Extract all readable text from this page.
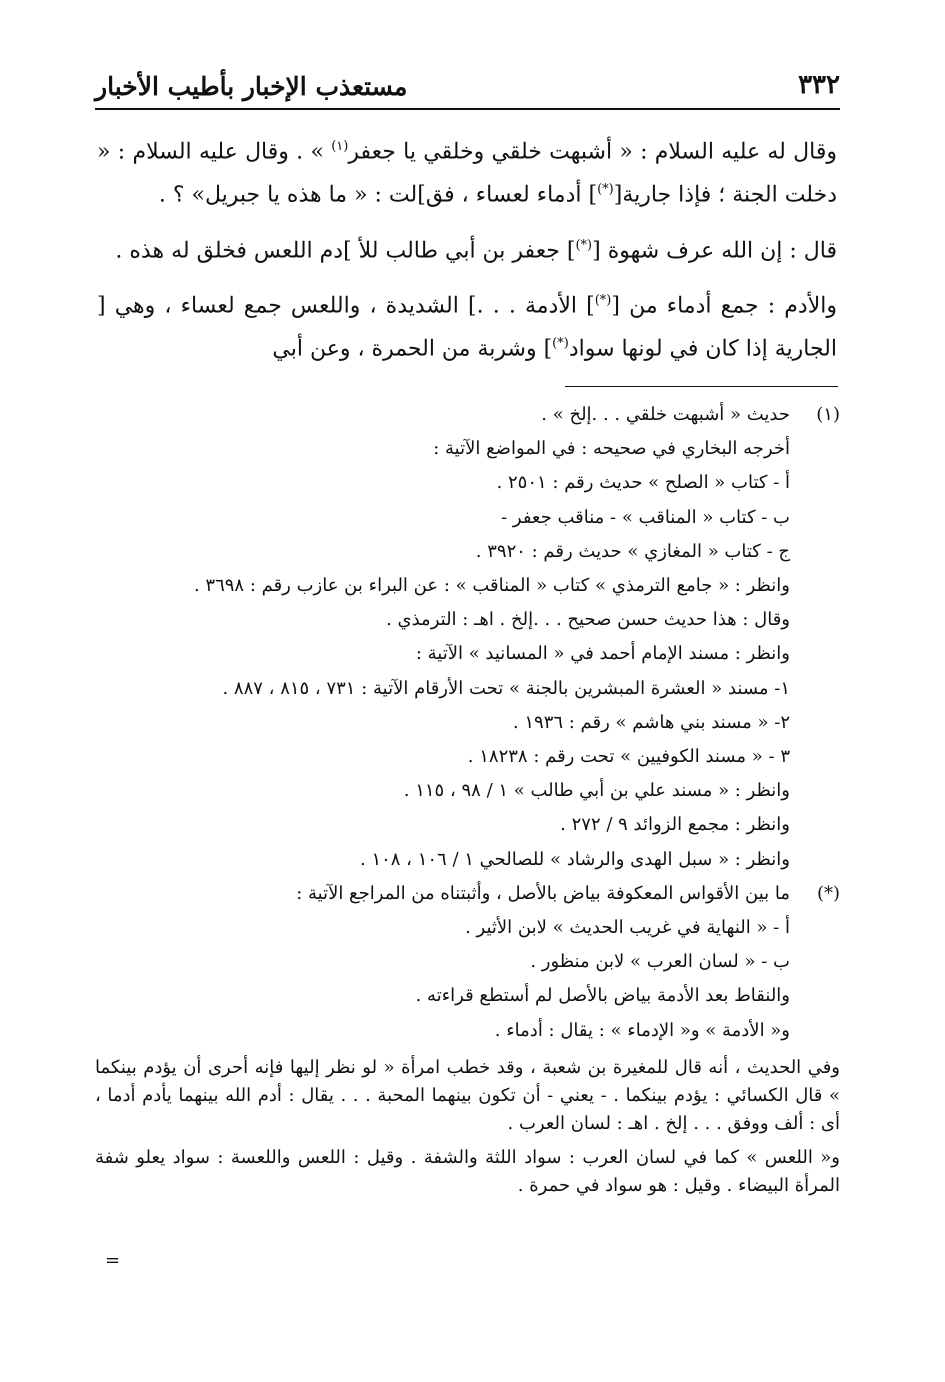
٣٣٢
مستعذب الإخبار بأطيب الأخبار

وقال له عليه السلام : « أشبهت خلقي وخلقي يا جعفر$^{(١)}$ » . وقال عليه السلام : « دخلت الجنة ؛ فإذا جارية[(*)] أدماء لعساء ، فق]لت : « ما هذه يا جبريل» ؟ .

قال : إن الله عرف شهوة [(*)] جعفر بن أبي طالب للأ ]دم اللعس فخلق له هذه .

والأدم : جمع أدماء من [(*)] الأدمة . . .] الشديدة ، واللعس جمع لعساء ، وهي [ الجارية إذا كان في لونها سواد(*)] وشربة من الحمرة ، وعن أبي

(١)
حديث « أشبهت خلقي . . .إلخ » .
أخرجه البخاري في صحيحه : في المواضع الآتية :
أ - كتاب « الصلح » حديث رقم : ٢٥٠١ .
ب - كتاب « المناقب » - مناقب جعفر -
ج - كتاب « المغازي » حديث رقم : ٣٩٢٠ .
وانظر : « جامع الترمذي » كتاب « المناقب » : عن البراء بن عازب رقم : ٣٦٩٨ .
وقال : هذا حديث حسن صحيح . . .إلخ . اهـ : الترمذي .
وانظر : مسند الإمام أحمد في « المسانيد » الآتية :
١- مسند « العشرة المبشرين بالجنة » تحت الأرقام الآتية : ٧٣١ ، ٨١٥ ، ٨٨٧ .
٢- « مسند بني هاشم » رقم : ١٩٣٦ .
٣ - « مسند الكوفيين » تحت رقم : ١٨٢٣٨ .
وانظر : « مسند علي بن أبي طالب » ١ / ٩٨ ، ١١٥ .
وانظر : مجمع الزوائد ٩ / ٢٧٢ .
وانظر : « سبل الهدى والرشاد » للصالحي ١ / ١٠٦ ، ١٠٨ .
(*)
ما بين الأقواس المعكوفة بياض بالأصل ، وأثبتناه من المراجع الآتية :
أ - « النهاية في غريب الحديث » لابن الأثير .
ب - « لسان العرب » لابن منظور .
والنقاط بعد الأدمة بياض بالأصل لم أستطع قراءته .
و« الأدمة » و« الإدماء » : يقال : أدماء .

وفي الحديث ، أنه قال للمغيرة بن شعبة ، وقد خطب امرأة « لو نظر إليها فإنه أحرى أن يؤدم بينكما » قال الكسائي : يؤدم بينكما . - يعني - أن تكون بينهما المحبة . . . يقال : أدم الله بينهما يأدم أدما ، أى : ألف ووفق . . . إلخ . اهـ : لسان العرب .

و« اللعس » كما في لسان العرب : سواد اللثة والشفة . وقيل : اللعس واللعسة : سواد يعلو شفة المرأة البيضاء . وقيل : هو سواد في حمرة .

=
